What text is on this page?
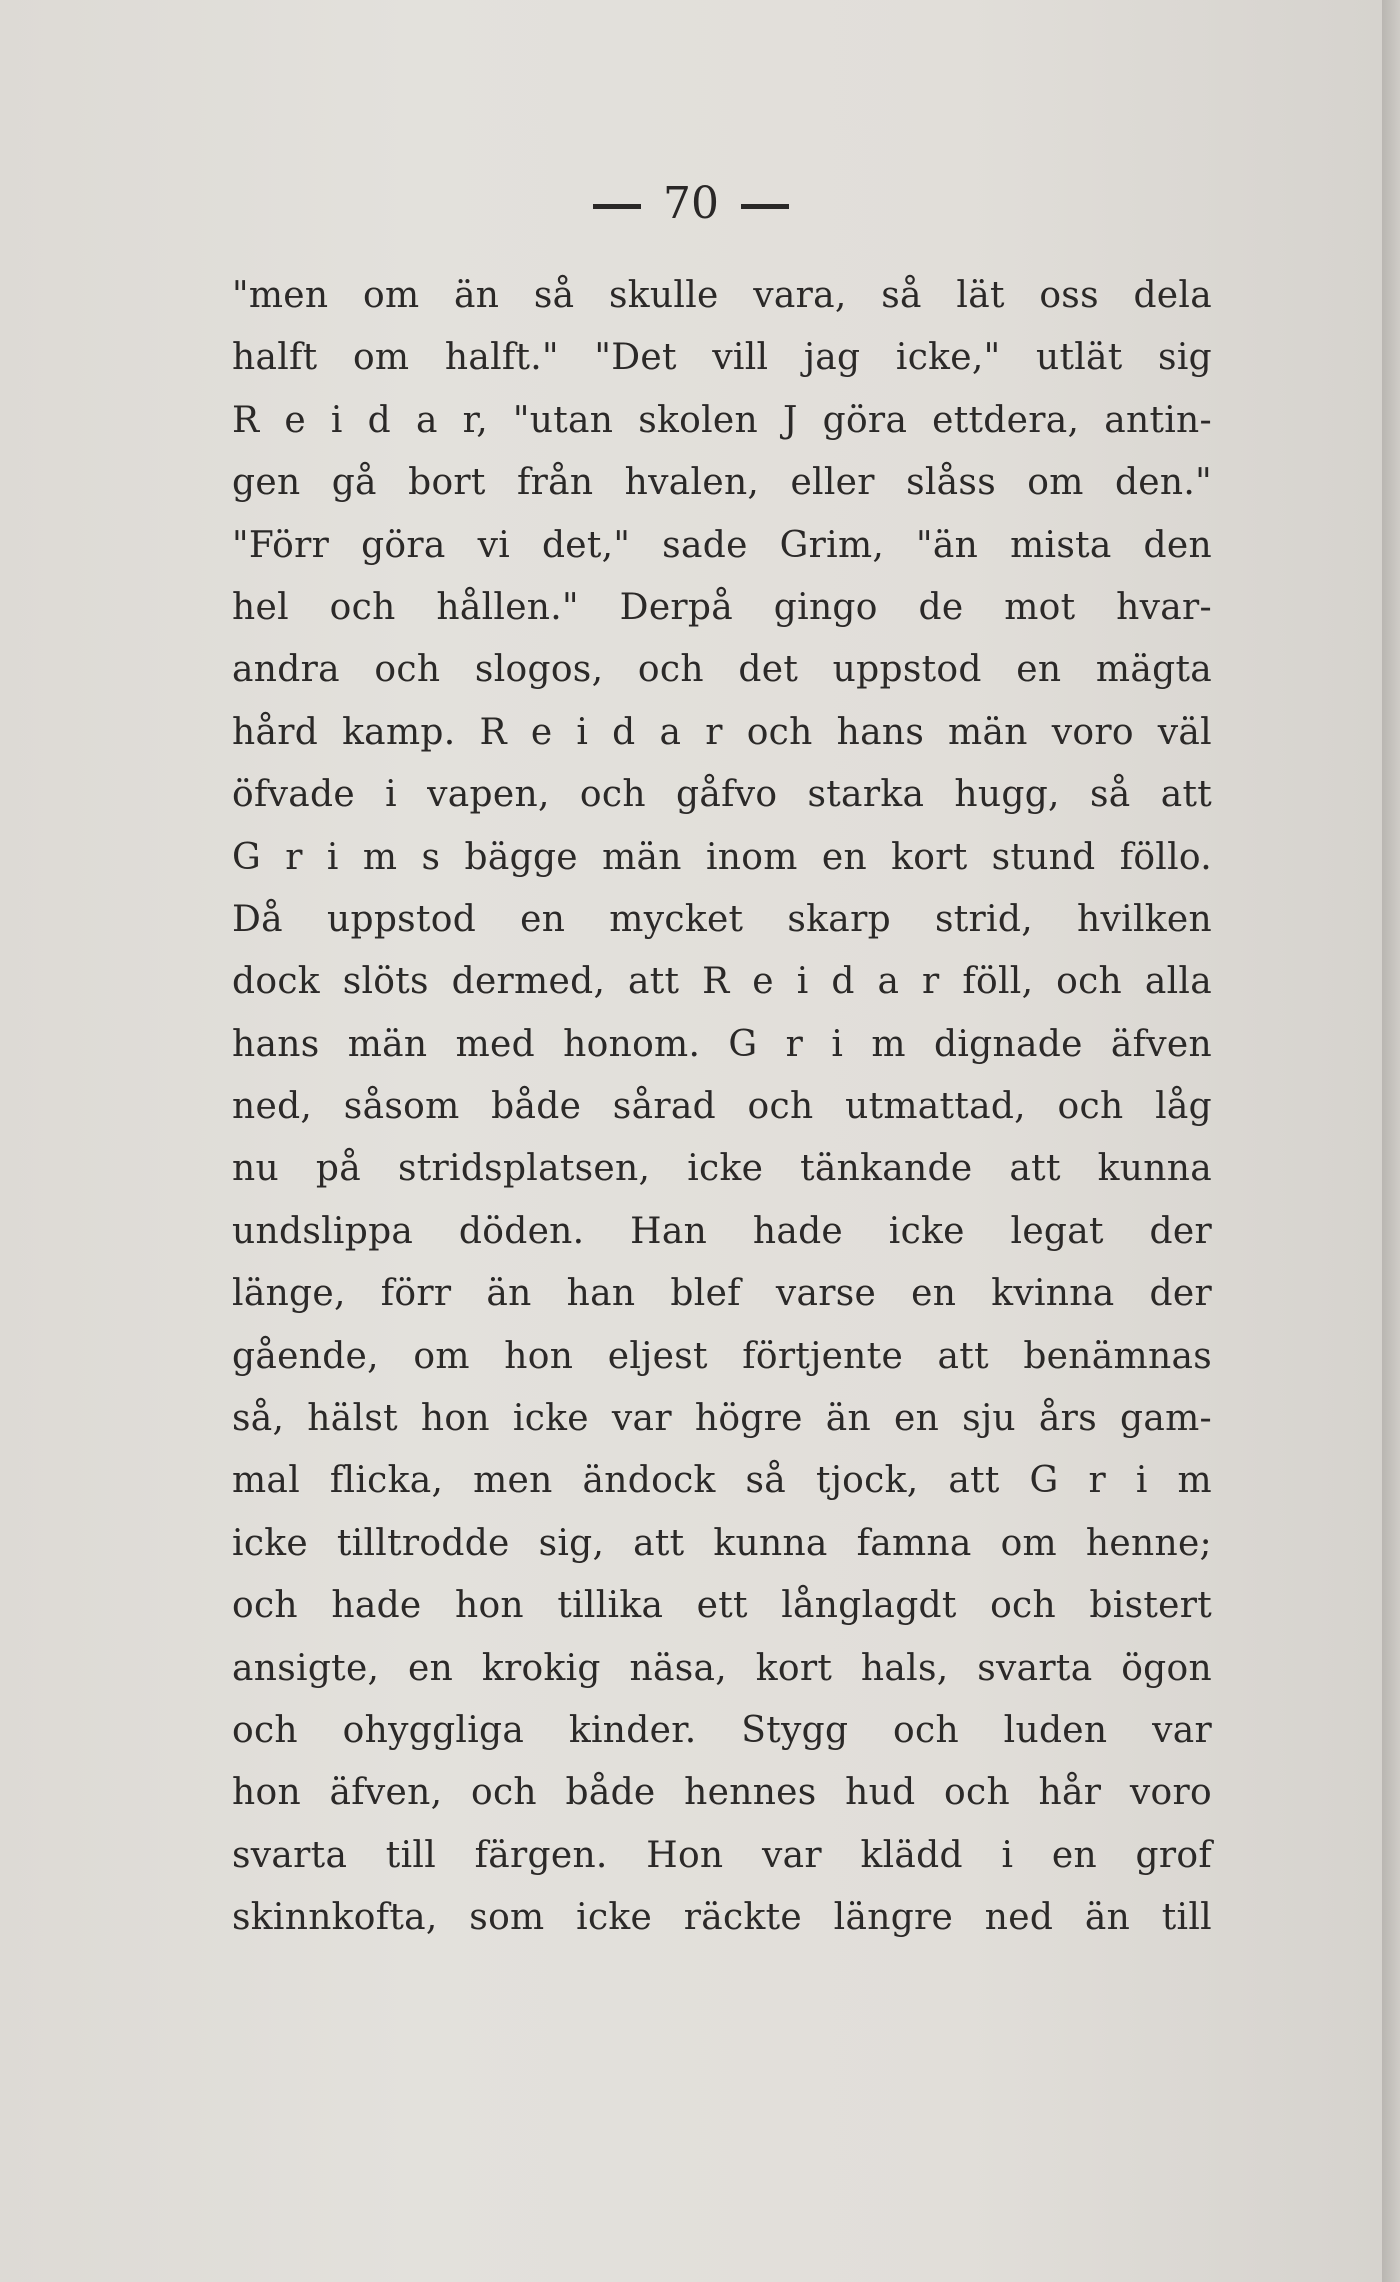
70
"men om än så skulle vara, så lät oss dela
halft om halft." "Det vill jag icke," utlät sig
R e i d a r, "utan skolen J göra ettdera, antin-
gen gå bort från hvalen, eller slåss om den."
"Förr göra vi det," sade Grim, "än mista den
hel och hållen." Derpå gingo de mot hvar-
andra och slogos, och det uppstod en mägta
hård kamp. R e i d a r och hans män voro väl
öfvade i vapen, och gåfvo starka hugg, så att
G r i m s bägge män inom en kort stund föllo.
Då uppstod en mycket skarp strid, hvilken
dock slöts dermed, att R e i d a r föll, och alla
hans män med honom. G r i m dignade äfven
ned, såsom både sårad och utmattad, och låg
nu på stridsplatsen, icke tänkande att kunna
undslippa döden. Han hade icke legat der
länge, förr än han blef varse en kvinna der
gående, om hon eljest förtjente att benämnas
så, hälst hon icke var högre än en sju års gam-
mal flicka, men ändock så tjock, att G r i m
icke tilltrodde sig, att kunna famna om henne;
och hade hon tillika ett långlagdt och bistert
ansigte, en krokig näsa, kort hals, svarta ögon
och ohyggliga kinder. Stygg och luden var
hon äfven, och både hennes hud och hår voro
svarta till färgen. Hon var klädd i en grof
skinnkofta, som icke räckte längre ned än till
